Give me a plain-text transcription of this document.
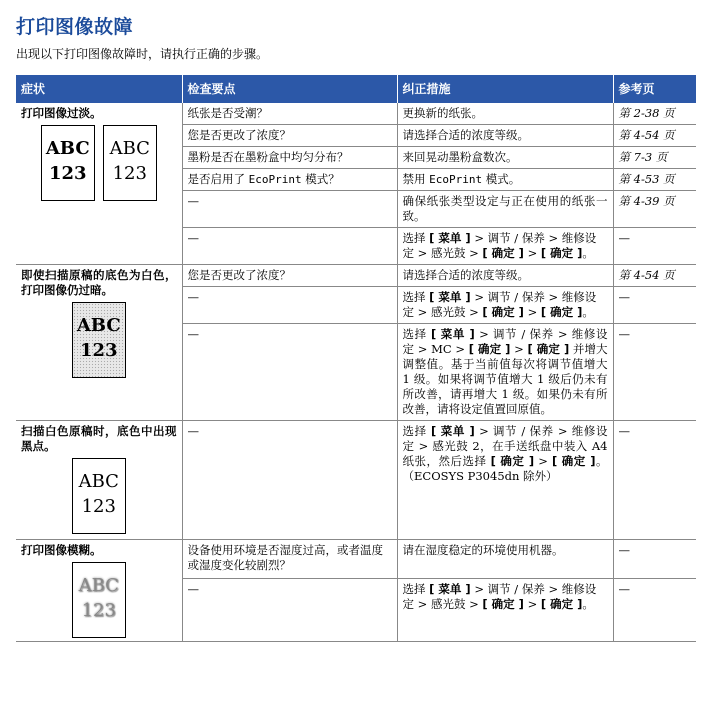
打印图像故障
出现以下打印图像故障时，请执行正确的步骤。
症状	检查要点	纠正措施	参考页

打印图像过淡。
ABC
123ABC
123	纸张是否受潮？	更换新的纸张。	第 2-38 页
	您是否更改了浓度？	请选择合适的浓度等级。	第 4-54 页
	墨粉是否在墨粉盒中均匀分布？	来回晃动墨粉盒数次。	第 7-3 页
	是否启用了 EcoPrint 模式？	禁用 EcoPrint 模式。	第 4-53 页
	—	确保纸张类型设定与正在使用的纸张一致。	第 4-39 页
	—	选择 [ 菜单 ] > 调节 / 保养 > 维修设定 > 感光鼓 > [ 确定 ] > [ 确定 ]。	—

即使扫描原稿的底色为白色，打印图像仍过暗。
ABC
123	您是否更改了浓度？	请选择合适的浓度等级。	第 4-54 页
	—	选择 [ 菜单 ] > 调节 / 保养 > 维修设定 > 感光鼓 > [ 确定 ] > [ 确定 ]。	—
	—	选择 [ 菜单 ] > 调节 / 保养 > 维修设定 > MC > [ 确定 ] > [ 确定 ] 并增大调整值。基于当前值每次将调节值增大 1 级。如果将调节值增大 1 级后仍未有所改善，请再增大 1 级。如果仍未有所改善，请将设定值置回原值。	—

扫描白色原稿时，底色中出现黑点。
ABC
123	—	选择 [ 菜单 ] > 调节 / 保养 > 维修设定 > 感光鼓 2，在手送纸盘中装入 A4 纸张，然后选择 [ 确定 ] > [ 确定 ]。（ECOSYS P3045dn 除外）	—

打印图像模糊。
ABC
123	设备使用环境是否湿度过高，或者温度或湿度变化较剧烈？	请在湿度稳定的环境使用机器。	—
	—	选择 [ 菜单 ] > 调节 / 保养 > 维修设定 > 感光鼓 > [ 确定 ] > [ 确定 ]。	—
